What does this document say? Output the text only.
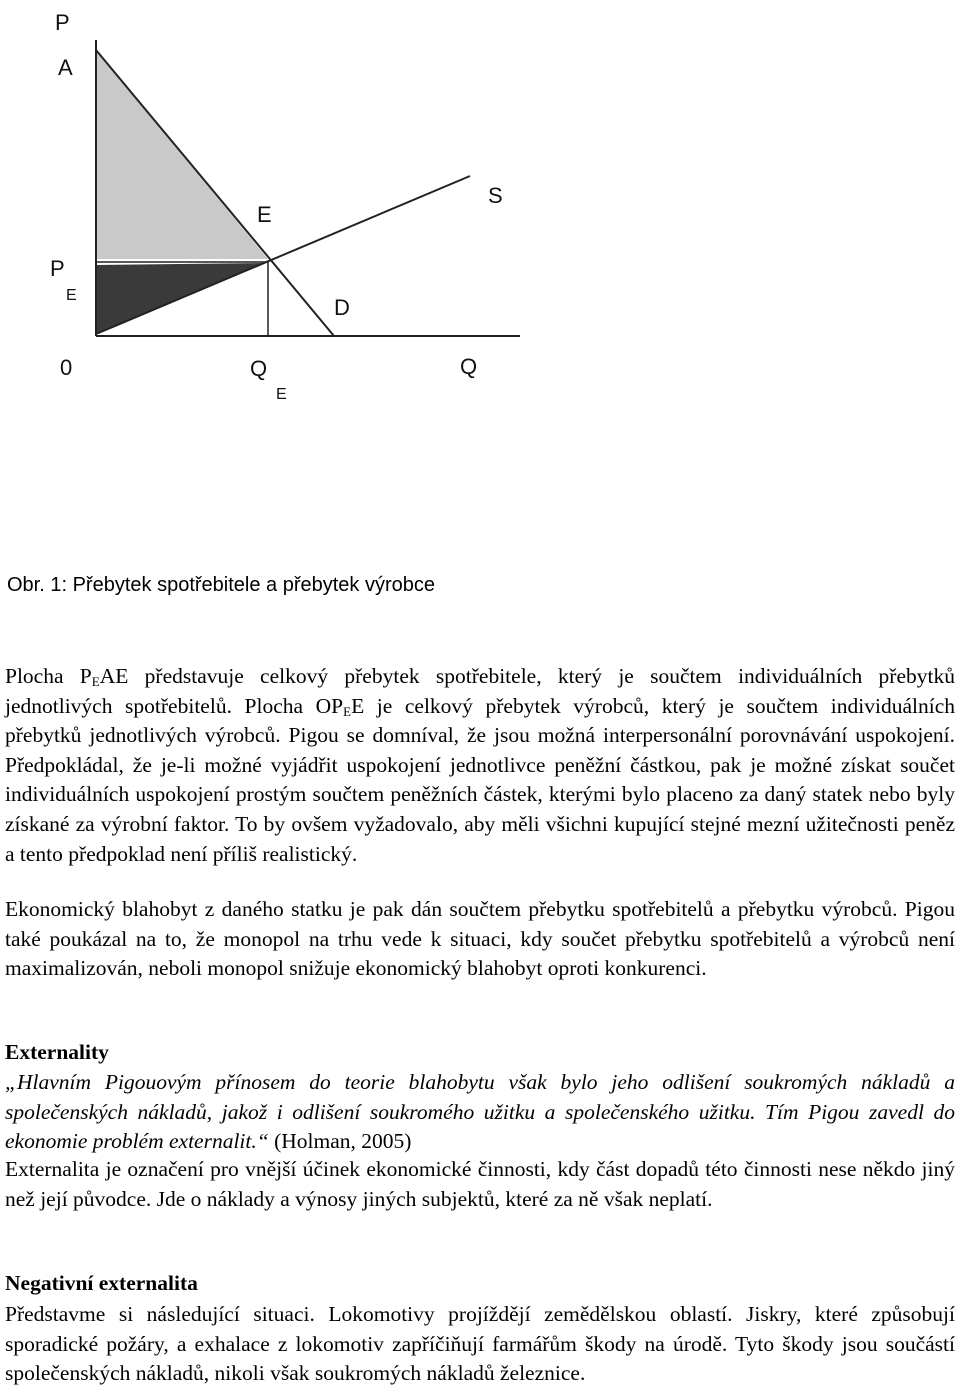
P
A
E
S
P
E	D
0	Q
E
Q

Obr. 1: Přebytek spotřebitele a přebytek výrobce

Plocha $P_EAE$ představuje celkový přebytek spotřebitele, který je součtem individuálních přebytků jednotlivých spotřebitelů. Plocha $OP_EE$ je celkový přebytek výrobců, který je součtem individuálních přebytků jednotlivých výrobců. Pigou se domníval, že jsou možná interpersonální porovnávání uspokojení. Předpokládal, že je-li možné vyjádřit uspokojení jednotlivce peněžní částkou, pak je možné získat součet individuálních uspokojení prostým součtem peněžních částek, kterými bylo placeno za daný statek nebo byly získané za výrobní faktor. To by ovšem vyžadovalo, aby měli všichni kupující stejné mezní užitečnosti peněz a tento předpoklad není příliš realistický.

Ekonomický blahobyt z daného statku je pak dán součtem přebytku spotřebitelů a přebytku výrobců. Pigou také poukázal na to, že monopol na trhu vede k situaci, kdy součet přebytku spotřebitelů a výrobců není maximalizován, neboli monopol snižuje ekonomický blahobyt oproti konkurenci.

Externality

„Hlavním Pigouovým přínosem do teorie blahobytu však bylo jeho odlišení soukromých nákladů a společenských nákladů, jakož i odlišení soukromého užitku a společenského užitku. Tím Pigou zavedl do ekonomie problém externalit.“ (Holman, 2005)

Externalita je označení pro vnější účinek ekonomické činnosti, kdy část dopadů této činnosti nese někdo jiný než její původce. Jde o náklady a výnosy jiných subjektů, které za ně však neplatí.

Negativní externalita

Představme si následující situaci. Lokomotivy projíždějí zemědělskou oblastí. Jiskry, které způsobují sporadické požáry, a exhalace z lokomotiv zapříčiňují farmářům škody na úrodě. Tyto škody jsou součástí společenských nákladů, nikoli však soukromých nákladů železnice.
